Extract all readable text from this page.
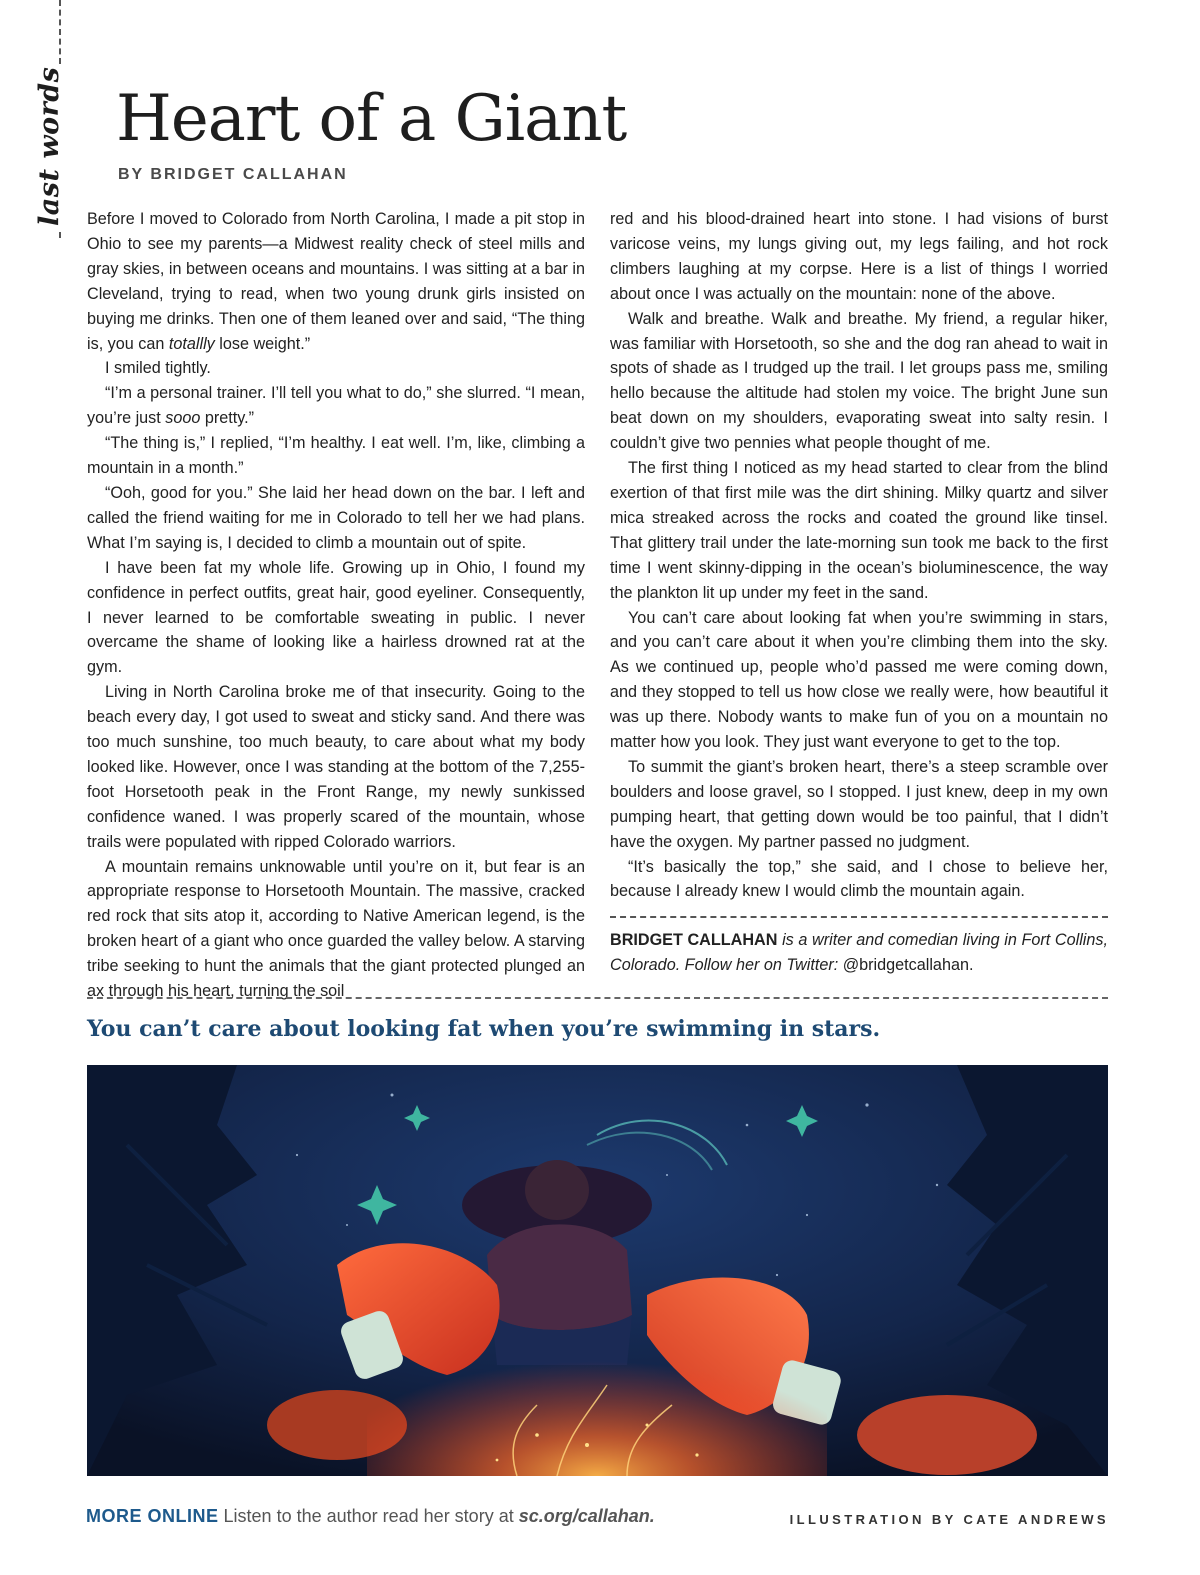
last words Heart of a Giant
BY BRIDGET CALLAHAN

Before I moved to Colorado from North Carolina, I made a pit stop in Ohio to see my parents—a Midwest reality check of steel mills and gray skies, in between oceans and mountains. I was sitting at a bar in Cleveland, trying to read, when two young drunk girls insisted on buying me drinks. Then one of them leaned over and said, “The thing is, you can totallly lose weight.”

I smiled tightly.

“I’m a personal trainer. I’ll tell you what to do,” she slurred. “I mean, you’re just sooo pretty.”

“The thing is,” I replied, “I’m healthy. I eat well. I’m, like, climbing a mountain in a month.”

“Ooh, good for you.” She laid her head down on the bar. I left and called the friend waiting for me in Colorado to tell her we had plans. What I’m saying is, I decided to climb a mountain out of spite.

I have been fat my whole life. Growing up in Ohio, I found my confidence in perfect outfits, great hair, good eyeliner. Consequently, I never learned to be comfortable sweating in public. I never overcame the shame of looking like a hairless drowned rat at the gym.

Living in North Carolina broke me of that insecurity. Going to the beach every day, I got used to sweat and sticky sand. And there was too much sunshine, too much beauty, to care about what my body looked like. However, once I was standing at the bottom of the 7,255-foot Horsetooth peak in the Front Range, my newly sunkissed confidence waned. I was properly scared of the mountain, whose trails were populated with ripped Colorado warriors.

A mountain remains unknowable until you’re on it, but fear is an appropriate response to Horsetooth Mountain. The massive, cracked red rock that sits atop it, according to Native American legend, is the broken heart of a giant who once guarded the valley below. A starving tribe seeking to hunt the animals that the giant protected plunged an ax through his heart, turning the soil

red and his blood-drained heart into stone. I had visions of burst varicose veins, my lungs giving out, my legs failing, and hot rock climbers laughing at my corpse. Here is a list of things I worried about once I was actually on the mountain: none of the above.

Walk and breathe. Walk and breathe. My friend, a regular hiker, was familiar with Horsetooth, so she and the dog ran ahead to wait in spots of shade as I trudged up the trail. I let groups pass me, smiling hello because the altitude had stolen my voice. The bright June sun beat down on my shoulders, evaporating sweat into salty resin. I couldn’t give two pennies what people thought of me.

The first thing I noticed as my head started to clear from the blind exertion of that first mile was the dirt shining. Milky quartz and silver mica streaked across the rocks and coated the ground like tinsel. That glittery trail under the late-morning sun took me back to the first time I went skinny-dipping in the ocean’s bioluminescence, the way the plankton lit up under my feet in the sand.

You can’t care about looking fat when you’re swimming in stars, and you can’t care about it when you’re climbing them into the sky. As we continued up, people who’d passed me were coming down, and they stopped to tell us how close we really were, how beautiful it was up there. Nobody wants to make fun of you on a mountain no matter how you look. They just want everyone to get to the top.

To summit the giant’s broken heart, there’s a steep scramble over boulders and loose gravel, so I stopped. I just knew, deep in my own pumping heart, that getting down would be too painful, that I didn’t have the oxygen. My partner passed no judgment.

“It’s basically the top,” she said, and I chose to believe her, because I already knew I would climb the mountain again.

BRIDGET CALLAHAN is a writer and comedian living in Fort Collins, Colorado. Follow her on Twitter: @bridgetcallahan.

You can’t care about looking fat when you’re swimming in stars.
MORE ONLINE Listen to the author read her story at sc.org/callahan.	ILLUSTRATION BY CATE ANDREWS
